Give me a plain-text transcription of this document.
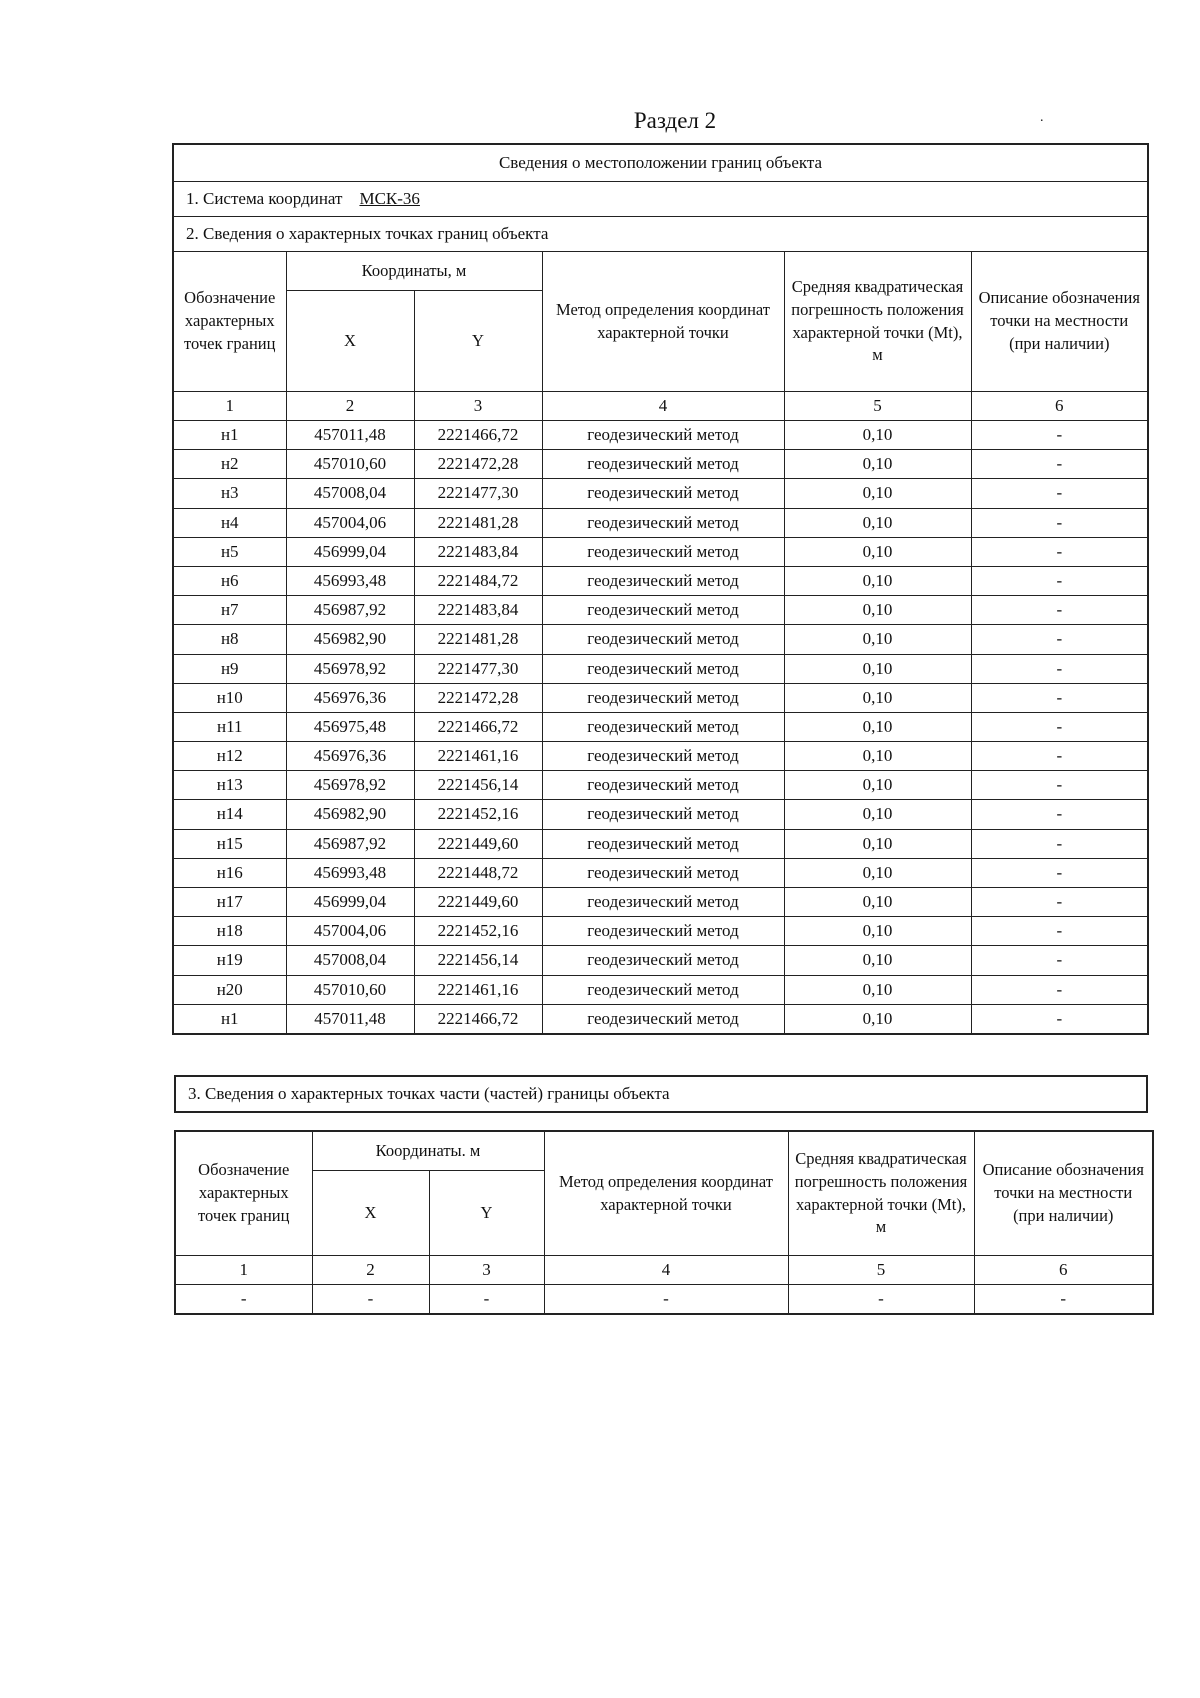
Раздел 2	.
Сведения о местоположении границ объекта					
1. Система координат МСК-36					
2. Сведения о характерных точках границ объекта					
Обозначение характерных точек границ	Координаты, м		Метод определения координат характерной точки	Средняя квадратическая погрешность положения характерной точки (Mt), м	Описание обозначения точки на местности (при наличии)
	X	Y			
1	2	3	4	5	6
н1	457011,48	2221466,72	геодезический метод	0,10	-
н2	457010,60	2221472,28	геодезический метод	0,10	-
н3	457008,04	2221477,30	геодезический метод	0,10	-
н4	457004,06	2221481,28	геодезический метод	0,10	-
н5	456999,04	2221483,84	геодезический метод	0,10	-
н6	456993,48	2221484,72	геодезический метод	0,10	-
н7	456987,92	2221483,84	геодезический метод	0,10	-
н8	456982,90	2221481,28	геодезический метод	0,10	-
н9	456978,92	2221477,30	геодезический метод	0,10	-
н10	456976,36	2221472,28	геодезический метод	0,10	-
н11	456975,48	2221466,72	геодезический метод	0,10	-
н12	456976,36	2221461,16	геодезический метод	0,10	-
н13	456978,92	2221456,14	геодезический метод	0,10	-
н14	456982,90	2221452,16	геодезический метод	0,10	-
н15	456987,92	2221449,60	геодезический метод	0,10	-
н16	456993,48	2221448,72	геодезический метод	0,10	-
н17	456999,04	2221449,60	геодезический метод	0,10	-
н18	457004,06	2221452,16	геодезический метод	0,10	-
н19	457008,04	2221456,14	геодезический метод	0,10	-
н20	457010,60	2221461,16	геодезический метод	0,10	-
н1	457011,48	2221466,72	геодезический метод	0,10	-
3. Сведения о характерных точках части (частей) границы объекта
Обозначение характерных точек границ	Координаты. м		Метод определения координат характерной точки	Средняя квадратическая погрешность положения характерной точки (Mt), м	Описание обозначения точки на местности (при наличии)
	X	Y			
1	2	3	4	5	6
-	-	-	-	-	-
